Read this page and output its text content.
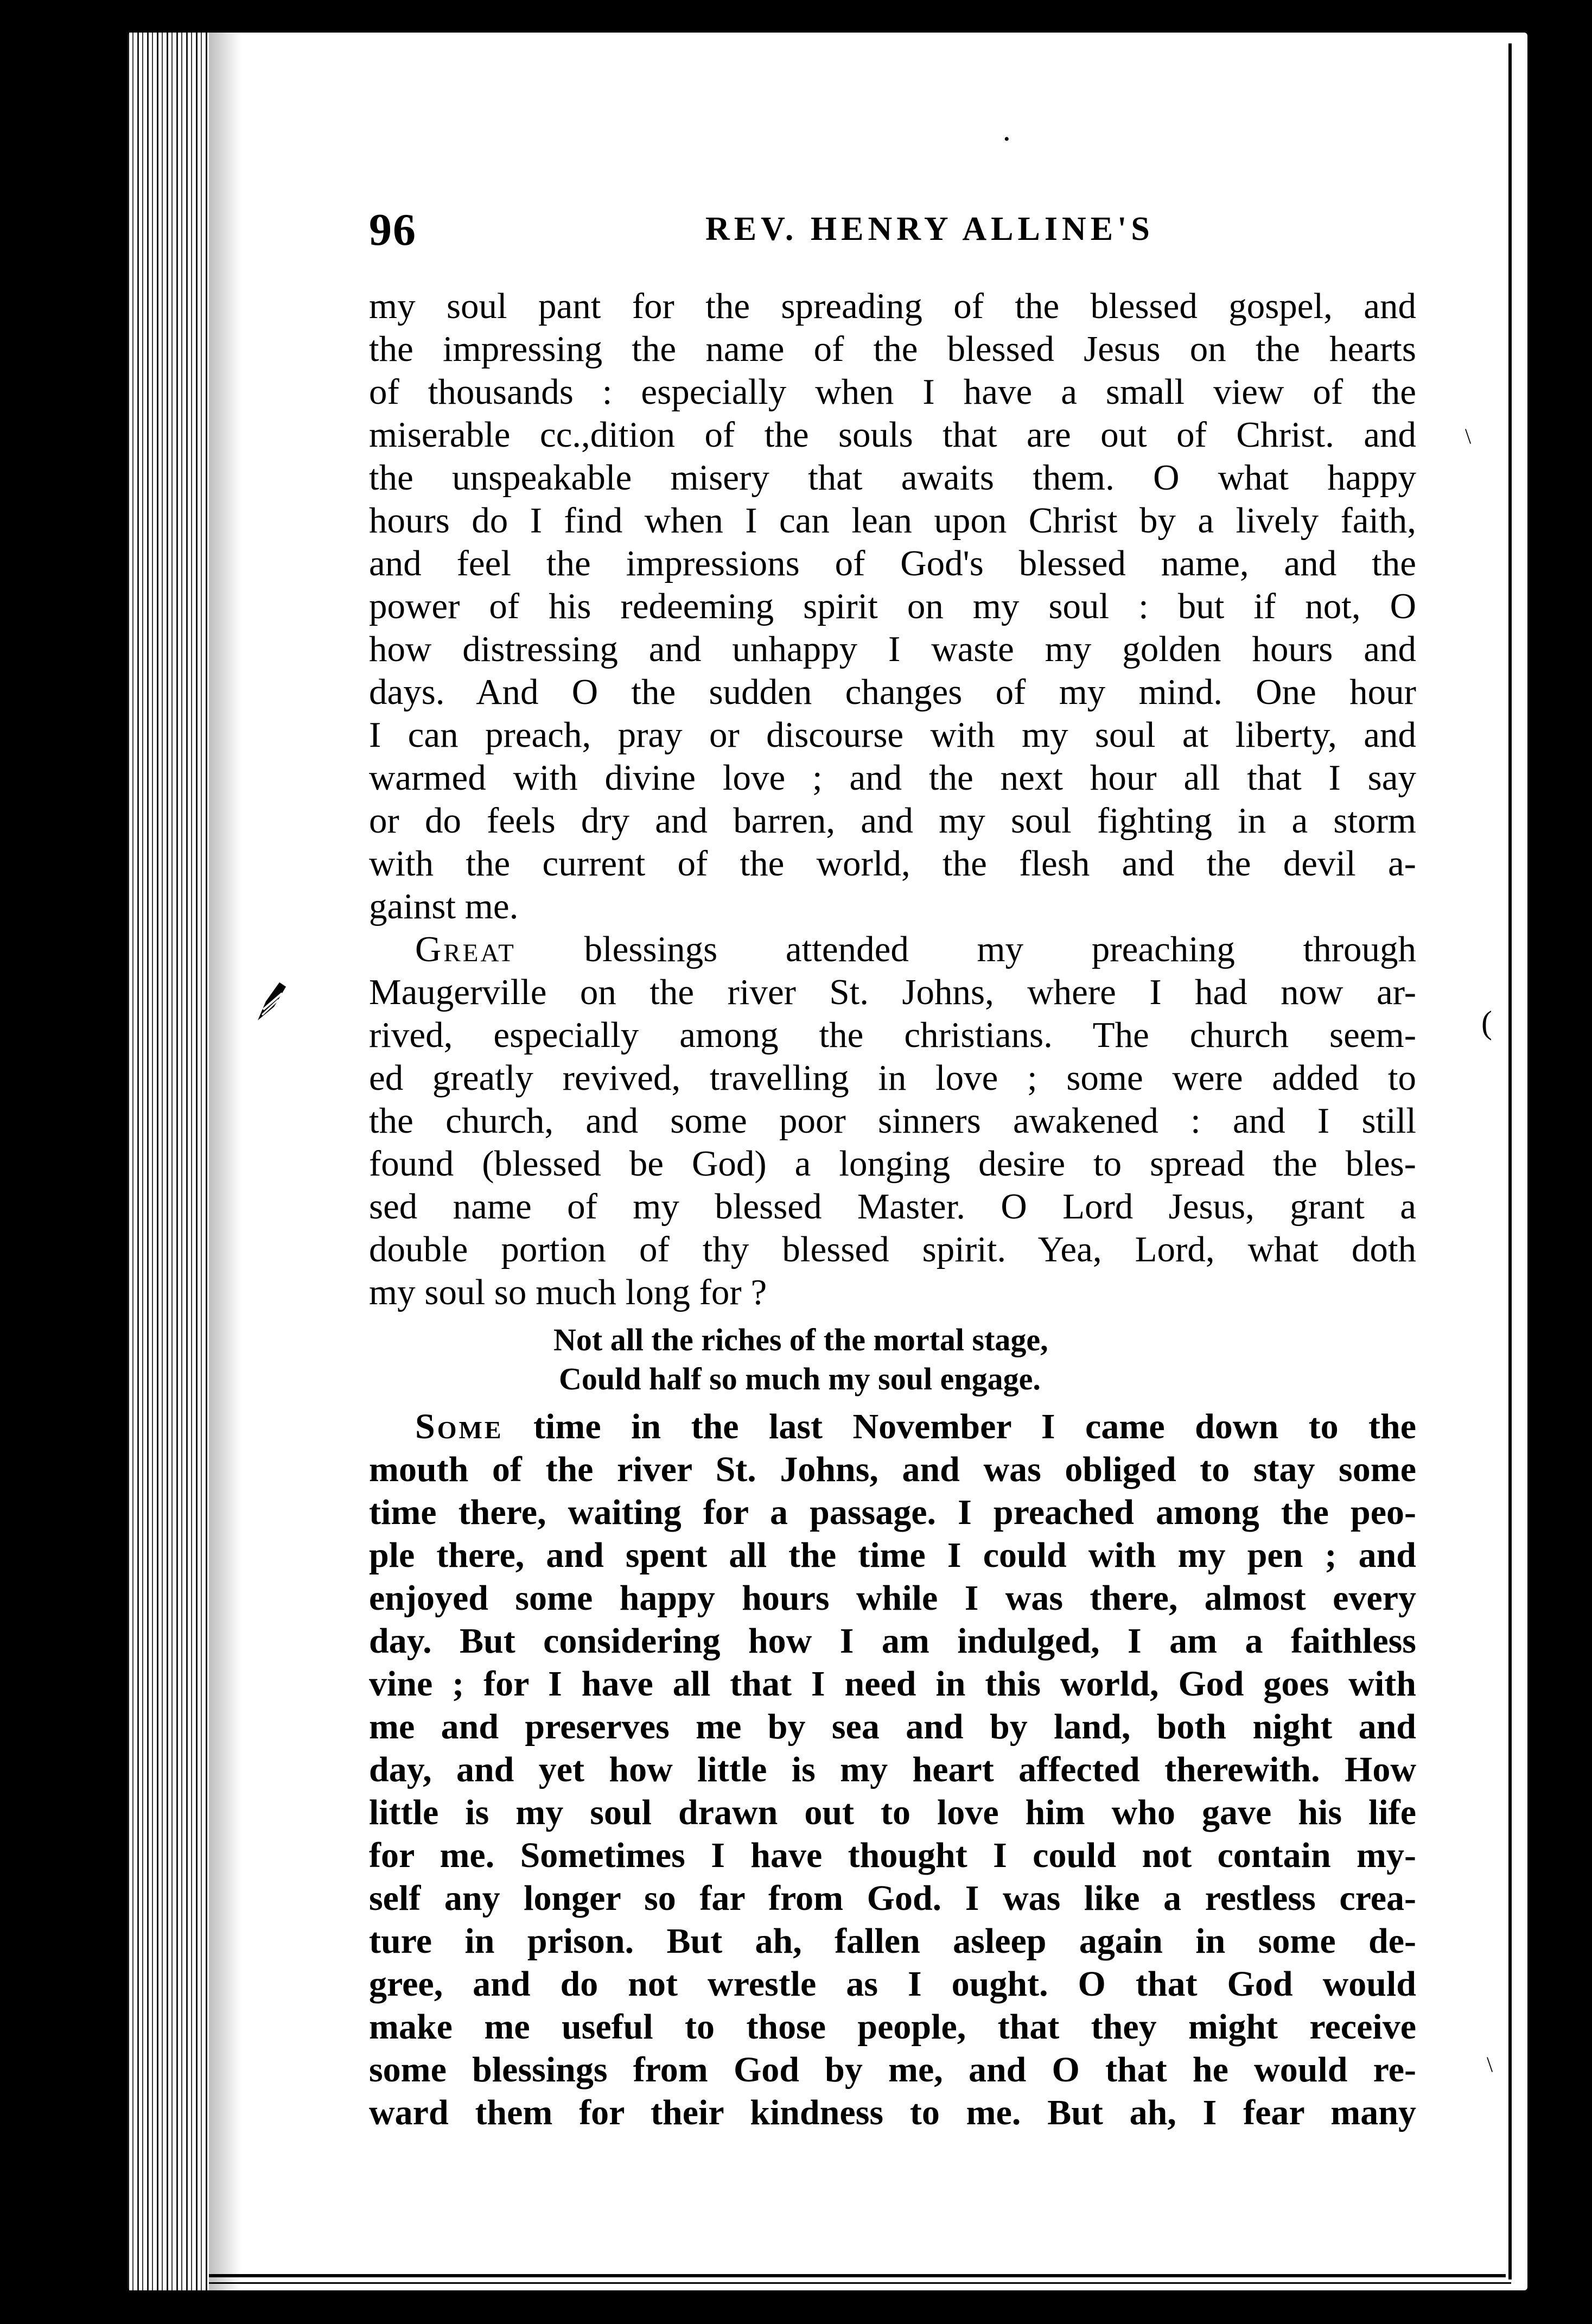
•
\
(
\
96	REV. HENRY ALLINE'S
my soul pant for the spreading of the blessed gospel, and
the impressing the name of the blessed Jesus on the hearts
of thousands : especially when I have a small view of the
miserable cc.,dition of the souls that are out of Christ. and
the unspeakable misery that awaits them. O what happy
hours do I find when I can lean upon Christ by a lively faith,
and feel the impressions of God's blessed name, and the
power of his redeeming spirit on my soul : but if not, O
how distressing and unhappy I waste my golden hours and
days. And O the sudden changes of my mind. One hour
I can preach, pray or discourse with my soul at liberty, and
warmed with divine love ; and the next hour all that I say
or do feels dry and barren, and my soul fighting in a storm
with the current of the world, the flesh and the devil a-
gainst me.
Great blessings attended my preaching through
Maugerville on the river St. Johns, where I had now ar-
rived, especially among the christians. The church seem-
ed greatly revived, travelling in love ; some were added to
the church, and some poor sinners awakened : and I still
found (blessed be God) a longing desire to spread the bles-
sed name of my blessed Master. O Lord Jesus, grant a
double portion of thy blessed spirit. Yea, Lord, what doth
my soul so much long for ?
Not all the riches of the mortal stage,
Could half so much my soul engage.
Some time in the last November I came down to the
mouth of the river St. Johns, and was obliged to stay some
time there, waiting for a passage. I preached among the peo-
ple there, and spent all the time I could with my pen ; and
enjoyed some happy hours while I was there, almost every
day. But considering how I am indulged, I am a faithless
vine ; for I have all that I need in this world, God goes with
me and preserves me by sea and by land, both night and
day, and yet how little is my heart affected therewith. How
little is my soul drawn out to love him who gave his life
for me. Sometimes I have thought I could not contain my-
self any longer so far from God. I was like a restless crea-
ture in prison. But ah, fallen asleep again in some de-
gree, and do not wrestle as I ought. O that God would
make me useful to those people, that they might receive
some blessings from God by me, and O that he would re-
ward them for their kindness to me. But ah, I fear many
